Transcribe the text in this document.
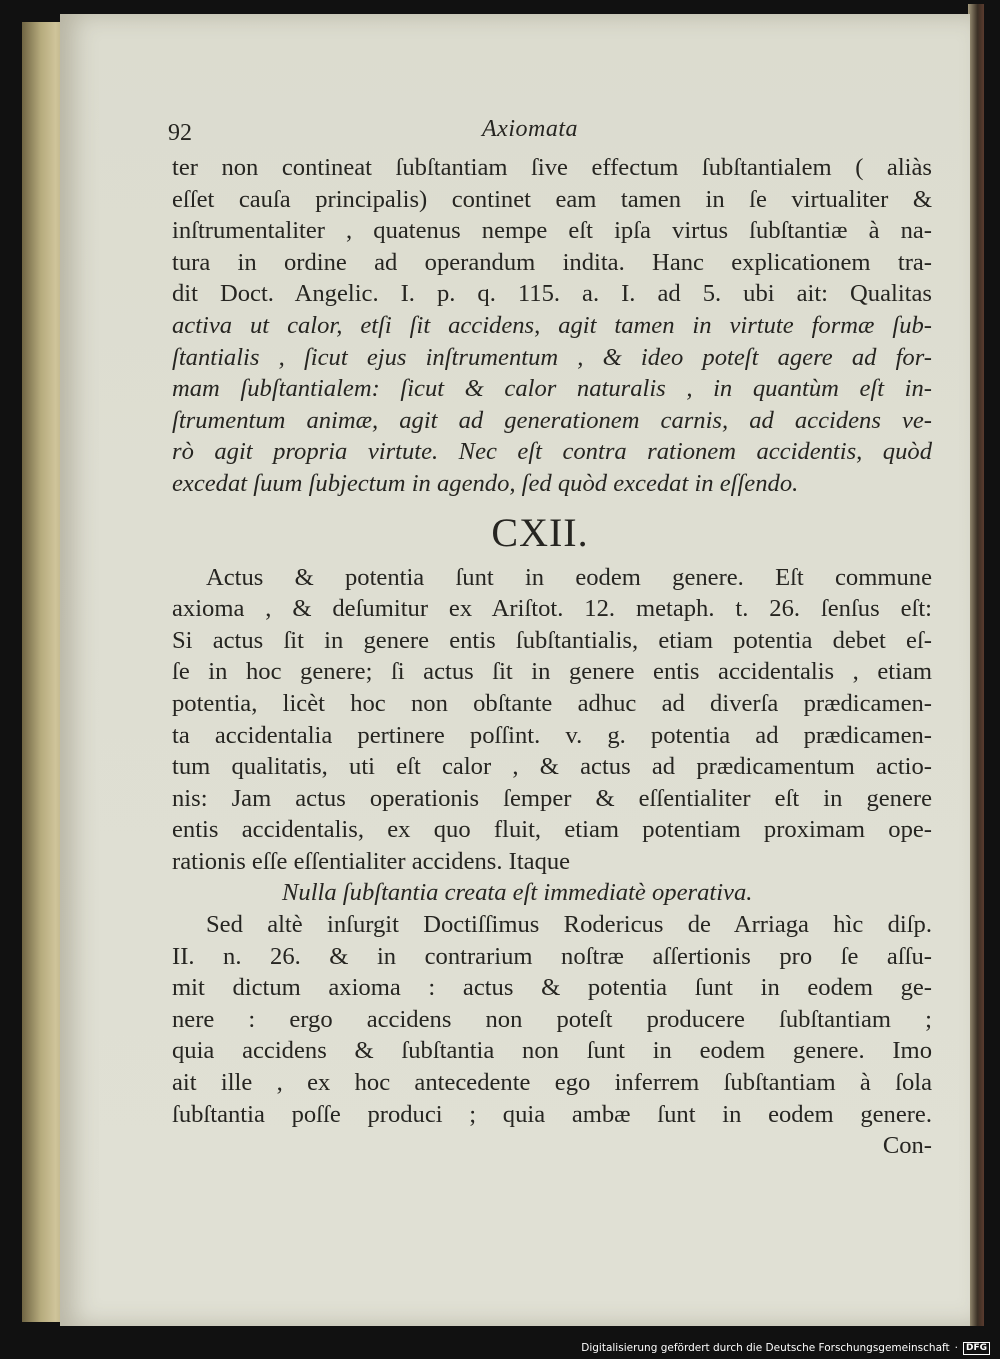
92	Axiomata
ter non contineat ſubſtantiam ſive effectum ſubſtantialem ( aliàs
eſſet cauſa principalis) continet eam tamen in ſe virtualiter &
inſtrumentaliter , quatenus nempe eſt ipſa virtus ſubſtantiæ à na-
tura in ordine ad operandum indita. Hanc explicationem tra-
dit Doct. Angelic. I. p. q. 115. a. I. ad 5. ubi ait: Qualitas
activa ut calor, etſi ſit accidens, agit tamen in virtute formæ ſub-
ſtantialis , ſicut ejus inſtrumentum , & ideo poteſt agere ad for-
mam ſubſtantialem: ſicut & calor naturalis , in quantùm eſt in-
ſtrumentum animæ, agit ad generationem carnis, ad accidens ve-
rò agit propria virtute. Nec eſt contra rationem accidentis, quòd
excedat ſuum ſubjectum in agendo, ſed quòd excedat in eſſendo.
CXII.
Actus & potentia ſunt in eodem genere. Eſt commune
axioma , & deſumitur ex Ariſtot. 12. metaph. t. 26. ſenſus eſt:
Si actus ſit in genere entis ſubſtantialis, etiam potentia debet eſ-
ſe in hoc genere; ſi actus ſit in genere entis accidentalis , etiam
potentia, licèt hoc non obſtante adhuc ad diverſa prædicamen-
ta accidentalia pertinere poſſint. v. g. potentia ad prædicamen-
tum qualitatis, uti eſt calor , & actus ad prædicamentum actio-
nis: Jam actus operationis ſemper & eſſentialiter eſt in genere
entis accidentalis, ex quo fluit, etiam potentiam proximam ope-
rationis eſſe eſſentialiter accidens. Itaque
Nulla ſubſtantia creata eſt immediatè operativa.
Sed altè inſurgit Doctiſſimus Rodericus de Arriaga hìc diſp.
II. n. 26. & in contrarium noſtræ aſſertionis pro ſe aſſu-
mit dictum axioma : actus & potentia ſunt in eodem ge-
nere : ergo accidens non poteſt producere ſubſtantiam ;
quia accidens & ſubſtantia non ſunt in eodem genere. Imo
ait ille , ex hoc antecedente ego inferrem ſubſtantiam à ſola
ſubſtantia poſſe produci ; quia ambæ ſunt in eodem genere.
Con-
Digitalisierung gefördert durch die Deutsche Forschungsgemeinschaft · DFG
